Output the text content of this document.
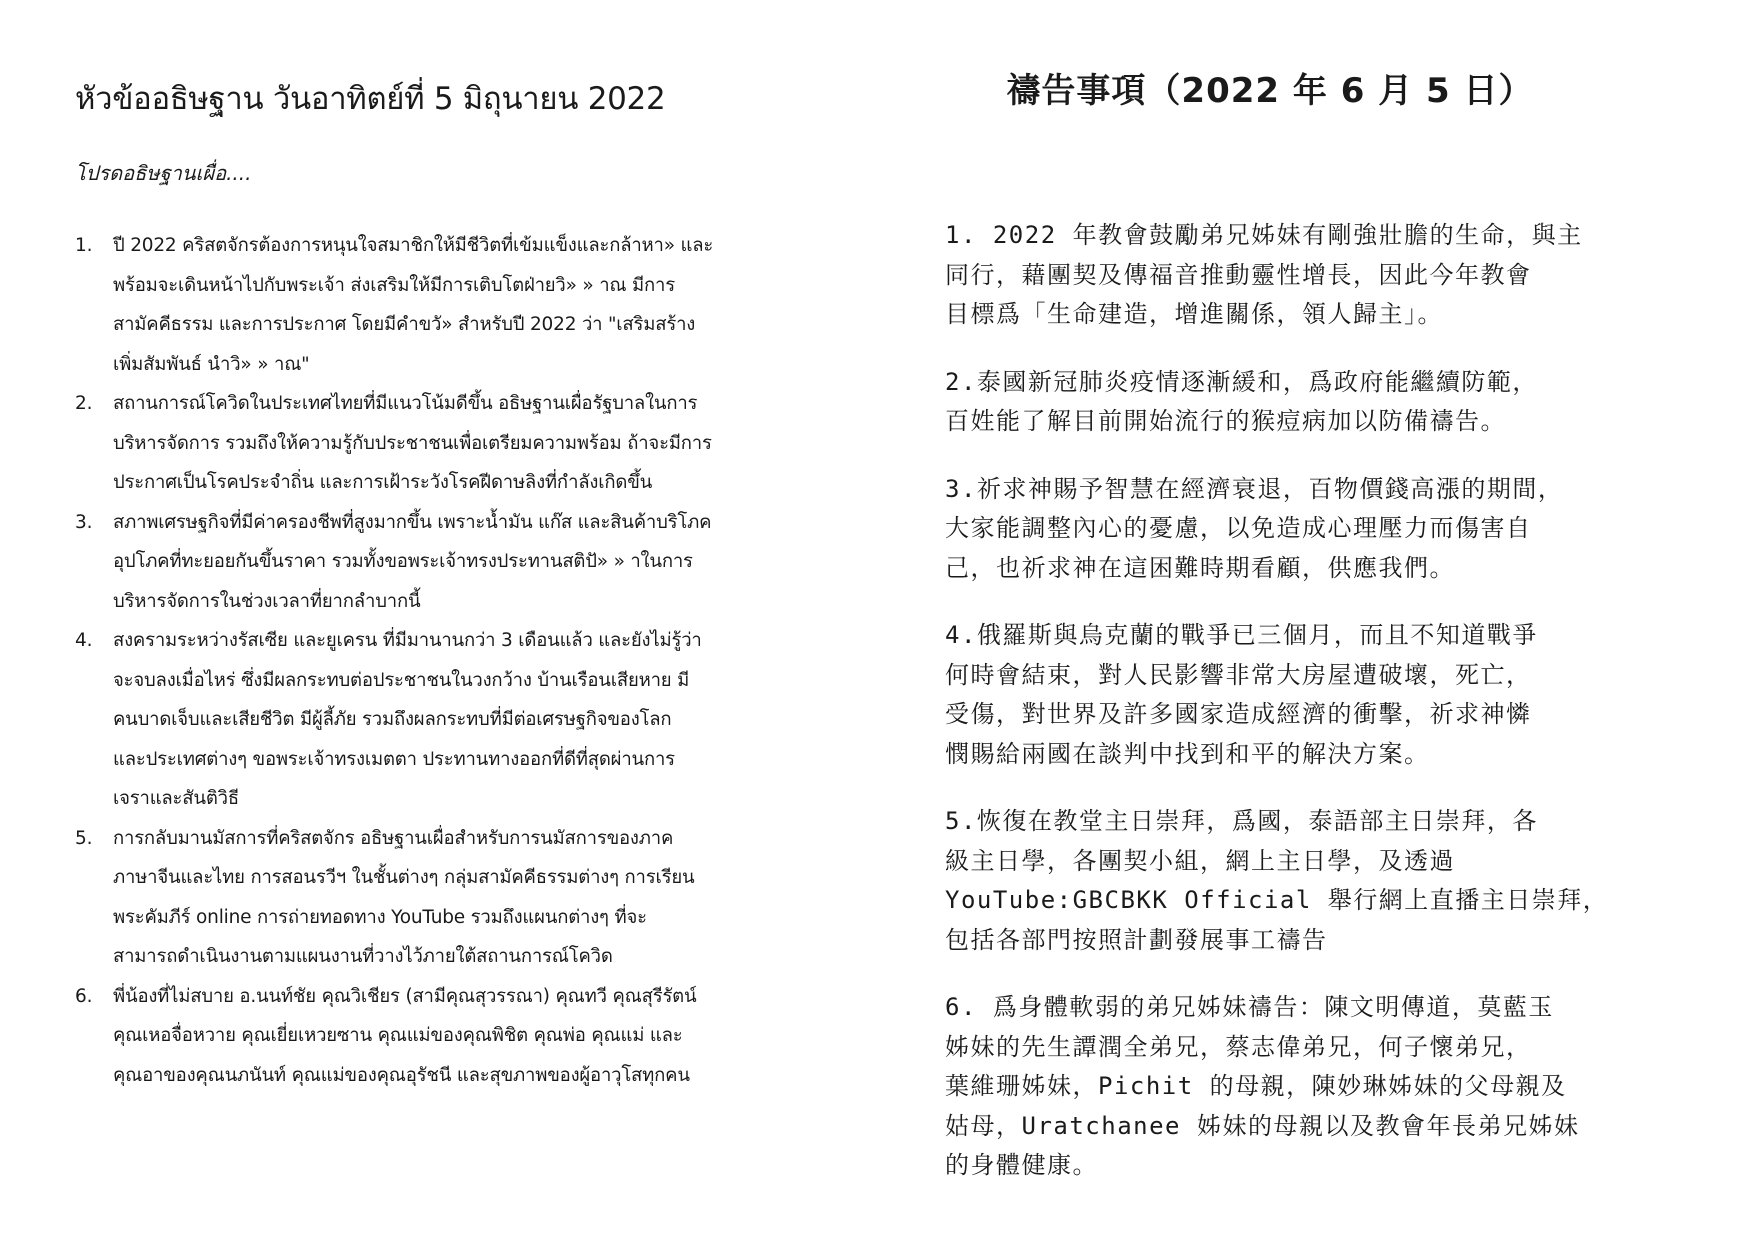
หัวข้ออธิษฐาน วันอาทิตย์ที่ 5 มิถุนายน 2022
โปรดอธิษฐานเผื่อ....
1. ปี 2022 คริสตจักรต้องการหนุนใจสมาชิกให้มีชีวิตที่เข้มแข็งและกล้าหา» และ
พร้อมจะเดินหน้าไปกับพระเจ้า ส่งเสริมให้มีการเติบโตฝ่ายวิ» » าณ มีการ
สามัคคีธรรม และการประกาศ โดยมีคำขวั» สำหรับปี 2022 ว่า "เสริมสร้าง
เพิ่มสัมพันธ์ นำวิ» » าณ"
2. สถานการณ์โควิดในประเทศไทยที่มีแนวโน้มดีขึ้น อธิษฐานเผื่อรัฐบาลในการ
บริหารจัดการ รวมถึงให้ความรู้กับประชาชนเพื่อเตรียมความพร้อม ถ้าจะมีการ
ประกาศเป็นโรคประจำถิ่น และการเฝ้าระวังโรคฝีดาษลิงที่กำลังเกิดขึ้น
3. สภาพเศรษฐกิจที่มีค่าครองชีพที่สูงมากขึ้น เพราะน้ำมัน แก๊ส และสินค้าบริโภค
อุปโภคที่ทะยอยกันขึ้นราคา รวมทั้งขอพระเจ้าทรงประทานสติปั» » าในการ
บริหารจัดการในช่วงเวลาที่ยากลำบากนี้
4. สงครามระหว่างรัสเซีย และยูเครน ที่มีมานานกว่า 3 เดือนแล้ว และยังไม่รู้ว่า
จะจบลงเมื่อไหร่ ซึ่งมีผลกระทบต่อประชาชนในวงกว้าง บ้านเรือนเสียหาย มี
คนบาดเจ็บและเสียชีวิต มีผู้ลี้ภัย รวมถึงผลกระทบที่มีต่อเศรษฐกิจของโลก
และประเทศต่างๆ ขอพระเจ้าทรงเมตตา ประทานทางออกที่ดีที่สุดผ่านการ
เจราและสันติวิธี
5. การกลับมานมัสการที่คริสตจักร อธิษฐานเผื่อสำหรับการนมัสการของภาค
ภาษาจีนและไทย การสอนรวีฯ ในชั้นต่างๆ กลุ่มสามัคคีธรรมต่างๆ การเรียน
พระคัมภีร์ online การถ่ายทอดทาง YouTube รวมถึงแผนกต่างๆ ที่จะ
สามารถดำเนินงานตามแผนงานที่วางไว้ภายใต้สถานการณ์โควิด
6. พี่น้องที่ไม่สบาย อ.นนท์ชัย คุณวิเชียร (สามีคุณสุวรรณา) คุณทวี คุณสุรีรัตน์
คุณเหอจื่อหวาย คุณเยี่ยเหวยซาน คุณแม่ของคุณพิชิต คุณพ่อ คุณแม่ และ
คุณอาของคุณนภนันท์ คุณแม่ของคุณอุรัชนี และสุขภาพของผู้อาวุโสทุกคน
禱告事項（2022 年 6 月 5 日）

1. 2022 年教會鼓勵弟兄姊妹有剛強壯膽的生命，與主
同行，藉團契及傳福音推動靈性增長，因此今年教會
目標爲「生命建造，增進關係，領人歸主」。

2.泰國新冠肺炎疫情逐漸緩和，爲政府能繼續防範，
百姓能了解目前開始流行的猴痘病加以防備禱告。

3.祈求神賜予智慧在經濟衰退，百物價錢高漲的期間，
大家能調整內心的憂慮，以免造成心理壓力而傷害自
己，也祈求神在這困難時期看顧，供應我們。

4.俄羅斯與烏克蘭的戰爭已三個月，而且不知道戰爭
何時會結束，對人民影響非常大房屋遭破壞，死亡，
受傷，對世界及許多國家造成經濟的衝擊，祈求神憐
憫賜給兩國在談判中找到和平的解決方案。

5.恢復在教堂主日崇拜，爲國，泰語部主日崇拜，各
級主日學，各團契小組，網上主日學，及透過
YouTube:GBCBKK Official 舉行網上直播主日崇拜，
包括各部門按照計劃發展事工禱告

6. 爲身體軟弱的弟兄姊妹禱告：陳文明傳道，莫藍玉
姊妹的先生譚潤全弟兄，蔡志偉弟兄，何子懷弟兄，
葉維珊姊妹，Pichit 的母親，陳妙琳姊妹的父母親及
姑母，Uratchanee 姊妹的母親以及教會年長弟兄姊妹
的身體健康。
